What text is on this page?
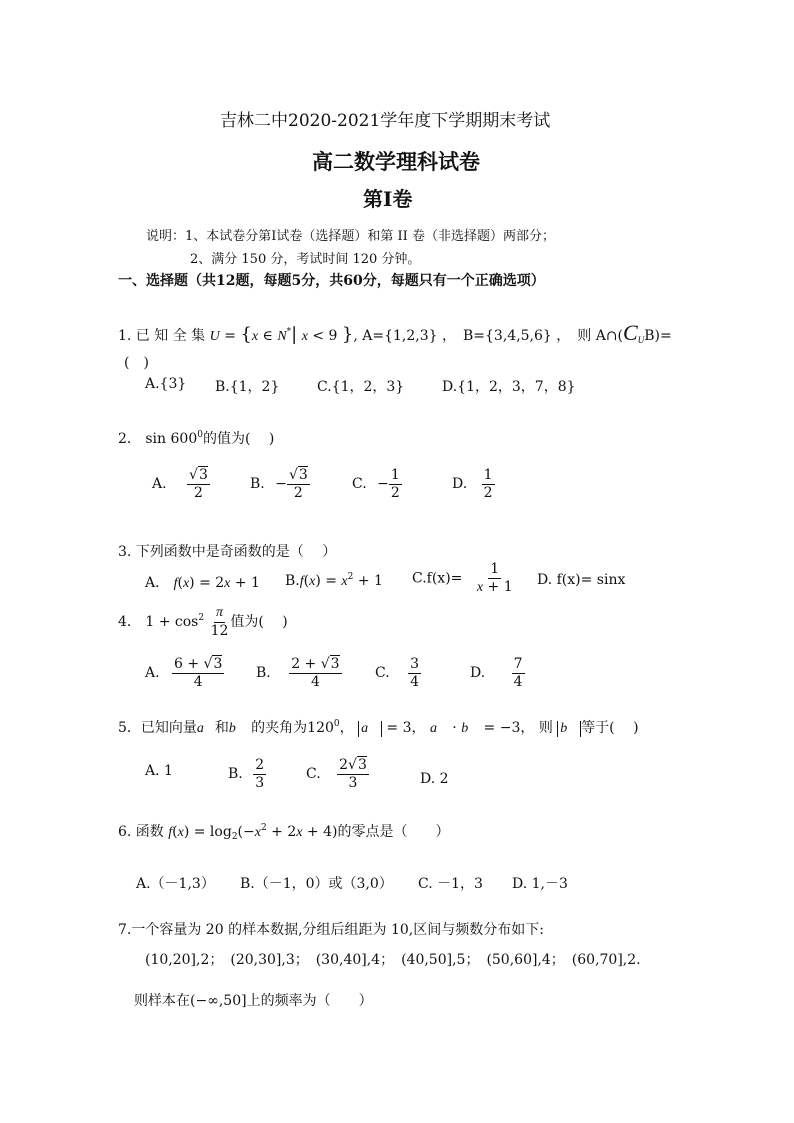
吉林二中2020-2021学年度下学期期末考试
高二数学理科试卷
第Ⅰ卷
说明：1、本试卷分第Ⅰ试卷（选择题）和第 II 卷（非选择题）两部分；
2、满分 150 分，考试时间 120 分钟。
一、选择题（共12题，每题5分，共60分，每题只有一个正确选项）
1. 已 知 全 集 U = {x ∈ N*| x < 9 }, A={1,2,3} ，　B={3,4,5,6} ，　则 $A\cap(C_UB)=$
(　)
A.{3} B.{1，2}	C.{1，2，3}	D.{1，2，3，7，8}
2． $\sin 600^0$的值为(　 )
A. $\frac{√3}{2}$	B. − $\frac{√3}{2}$	C. − $\frac{1}{2}$	D. $\frac{1}{2}$
3. 下列函数中是奇函数的是（　 ）
A． f(x) = 2x + 1 $B.f(x) = x^2 + 1$ $C.f(x)= \frac{1}{x + 1} D$. f(x)= sinx
4． $1 + \cos^2 \frac{\pi}{12}$ 值为(　 )
A. $\frac{6 + √3}{4} B$. $\frac{2 + √3}{4} C$. $\frac{3}{4}$	D. $\frac{7}{4}$
5．已知向量a⃗和b⃗ 的夹角为$120^0$， a⃗ = 3， a⃗ · b⃗ = −3， 则 b⃗ 等于(　 )
A. 1	B. $\frac{2}{3}$	C. $\frac{2√3}{3}$	D. 2
6. 函数 $f(x) = \log_2(-x^2 + 2x + 4)$的零点是（　　）
A.（－1,3） B.（－1，0）或（3,0） C. －1，3 D. 1,－3
7.一个容量为 20 的样本数据,分组后组距为 10,区间与频数分布如下:
(10,20],2；　(20,30],3；　(30,40],4；　(40,50],5；　(50,60],4；　(60,70],2.
则样本在(−∞,50]上的频率为（　　）
